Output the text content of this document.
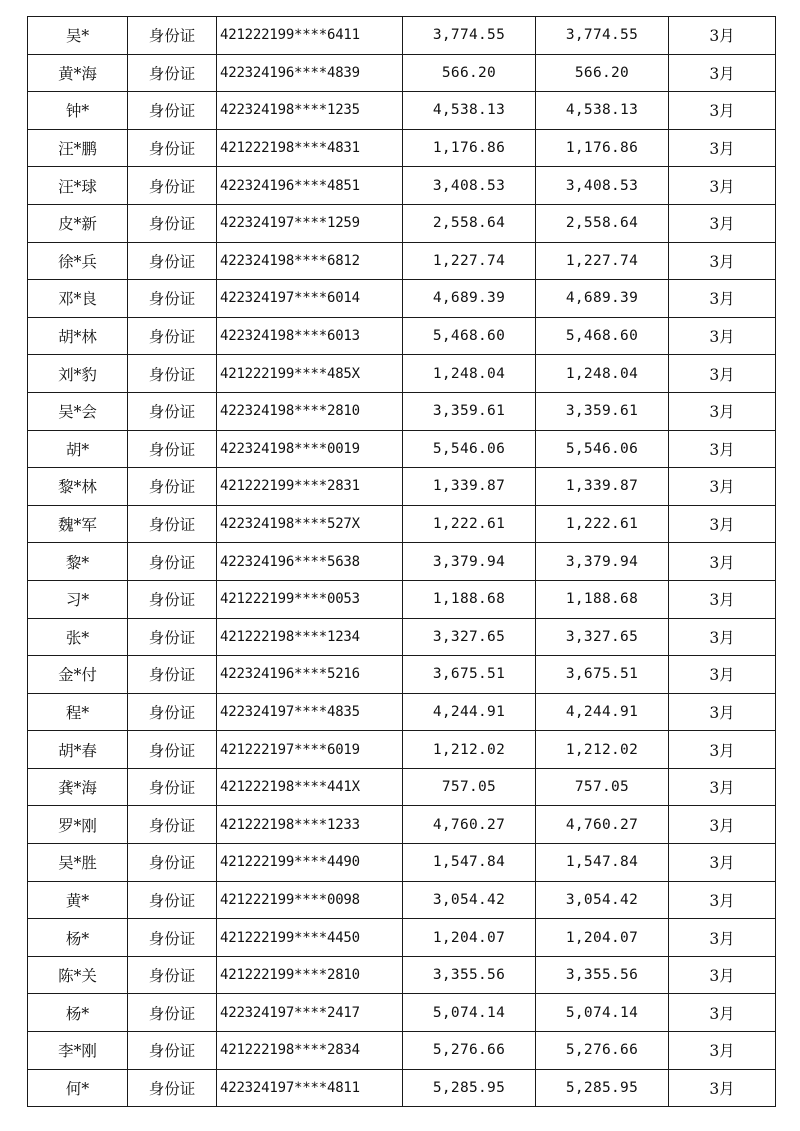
吴*	身份证	421222199****6411	3,774.55	3,774.55	3月
黄*海	身份证	422324196****4839	566.20	566.20	3月
钟*	身份证	422324198****1235	4,538.13	4,538.13	3月
汪*鹏	身份证	421222198****4831	1,176.86	1,176.86	3月
汪*球	身份证	422324196****4851	3,408.53	3,408.53	3月
皮*新	身份证	422324197****1259	2,558.64	2,558.64	3月
徐*兵	身份证	422324198****6812	1,227.74	1,227.74	3月
邓*良	身份证	422324197****6014	4,689.39	4,689.39	3月
胡*林	身份证	422324198****6013	5,468.60	5,468.60	3月
刘*豹	身份证	421222199****485X	1,248.04	1,248.04	3月
吴*会	身份证	422324198****2810	3,359.61	3,359.61	3月
胡*	身份证	422324198****0019	5,546.06	5,546.06	3月
黎*林	身份证	421222199****2831	1,339.87	1,339.87	3月
魏*军	身份证	422324198****527X	1,222.61	1,222.61	3月
黎*	身份证	422324196****5638	3,379.94	3,379.94	3月
习*	身份证	421222199****0053	1,188.68	1,188.68	3月
张*	身份证	421222198****1234	3,327.65	3,327.65	3月
金*付	身份证	422324196****5216	3,675.51	3,675.51	3月
程*	身份证	422324197****4835	4,244.91	4,244.91	3月
胡*春	身份证	421222197****6019	1,212.02	1,212.02	3月
龚*海	身份证	421222198****441X	757.05	757.05	3月
罗*刚	身份证	421222198****1233	4,760.27	4,760.27	3月
吴*胜	身份证	421222199****4490	1,547.84	1,547.84	3月
黄*	身份证	421222199****0098	3,054.42	3,054.42	3月
杨*	身份证	421222199****4450	1,204.07	1,204.07	3月
陈*关	身份证	421222199****2810	3,355.56	3,355.56	3月
杨*	身份证	422324197****2417	5,074.14	5,074.14	3月
李*刚	身份证	421222198****2834	5,276.66	5,276.66	3月
何*	身份证	422324197****4811	5,285.95	5,285.95	3月
